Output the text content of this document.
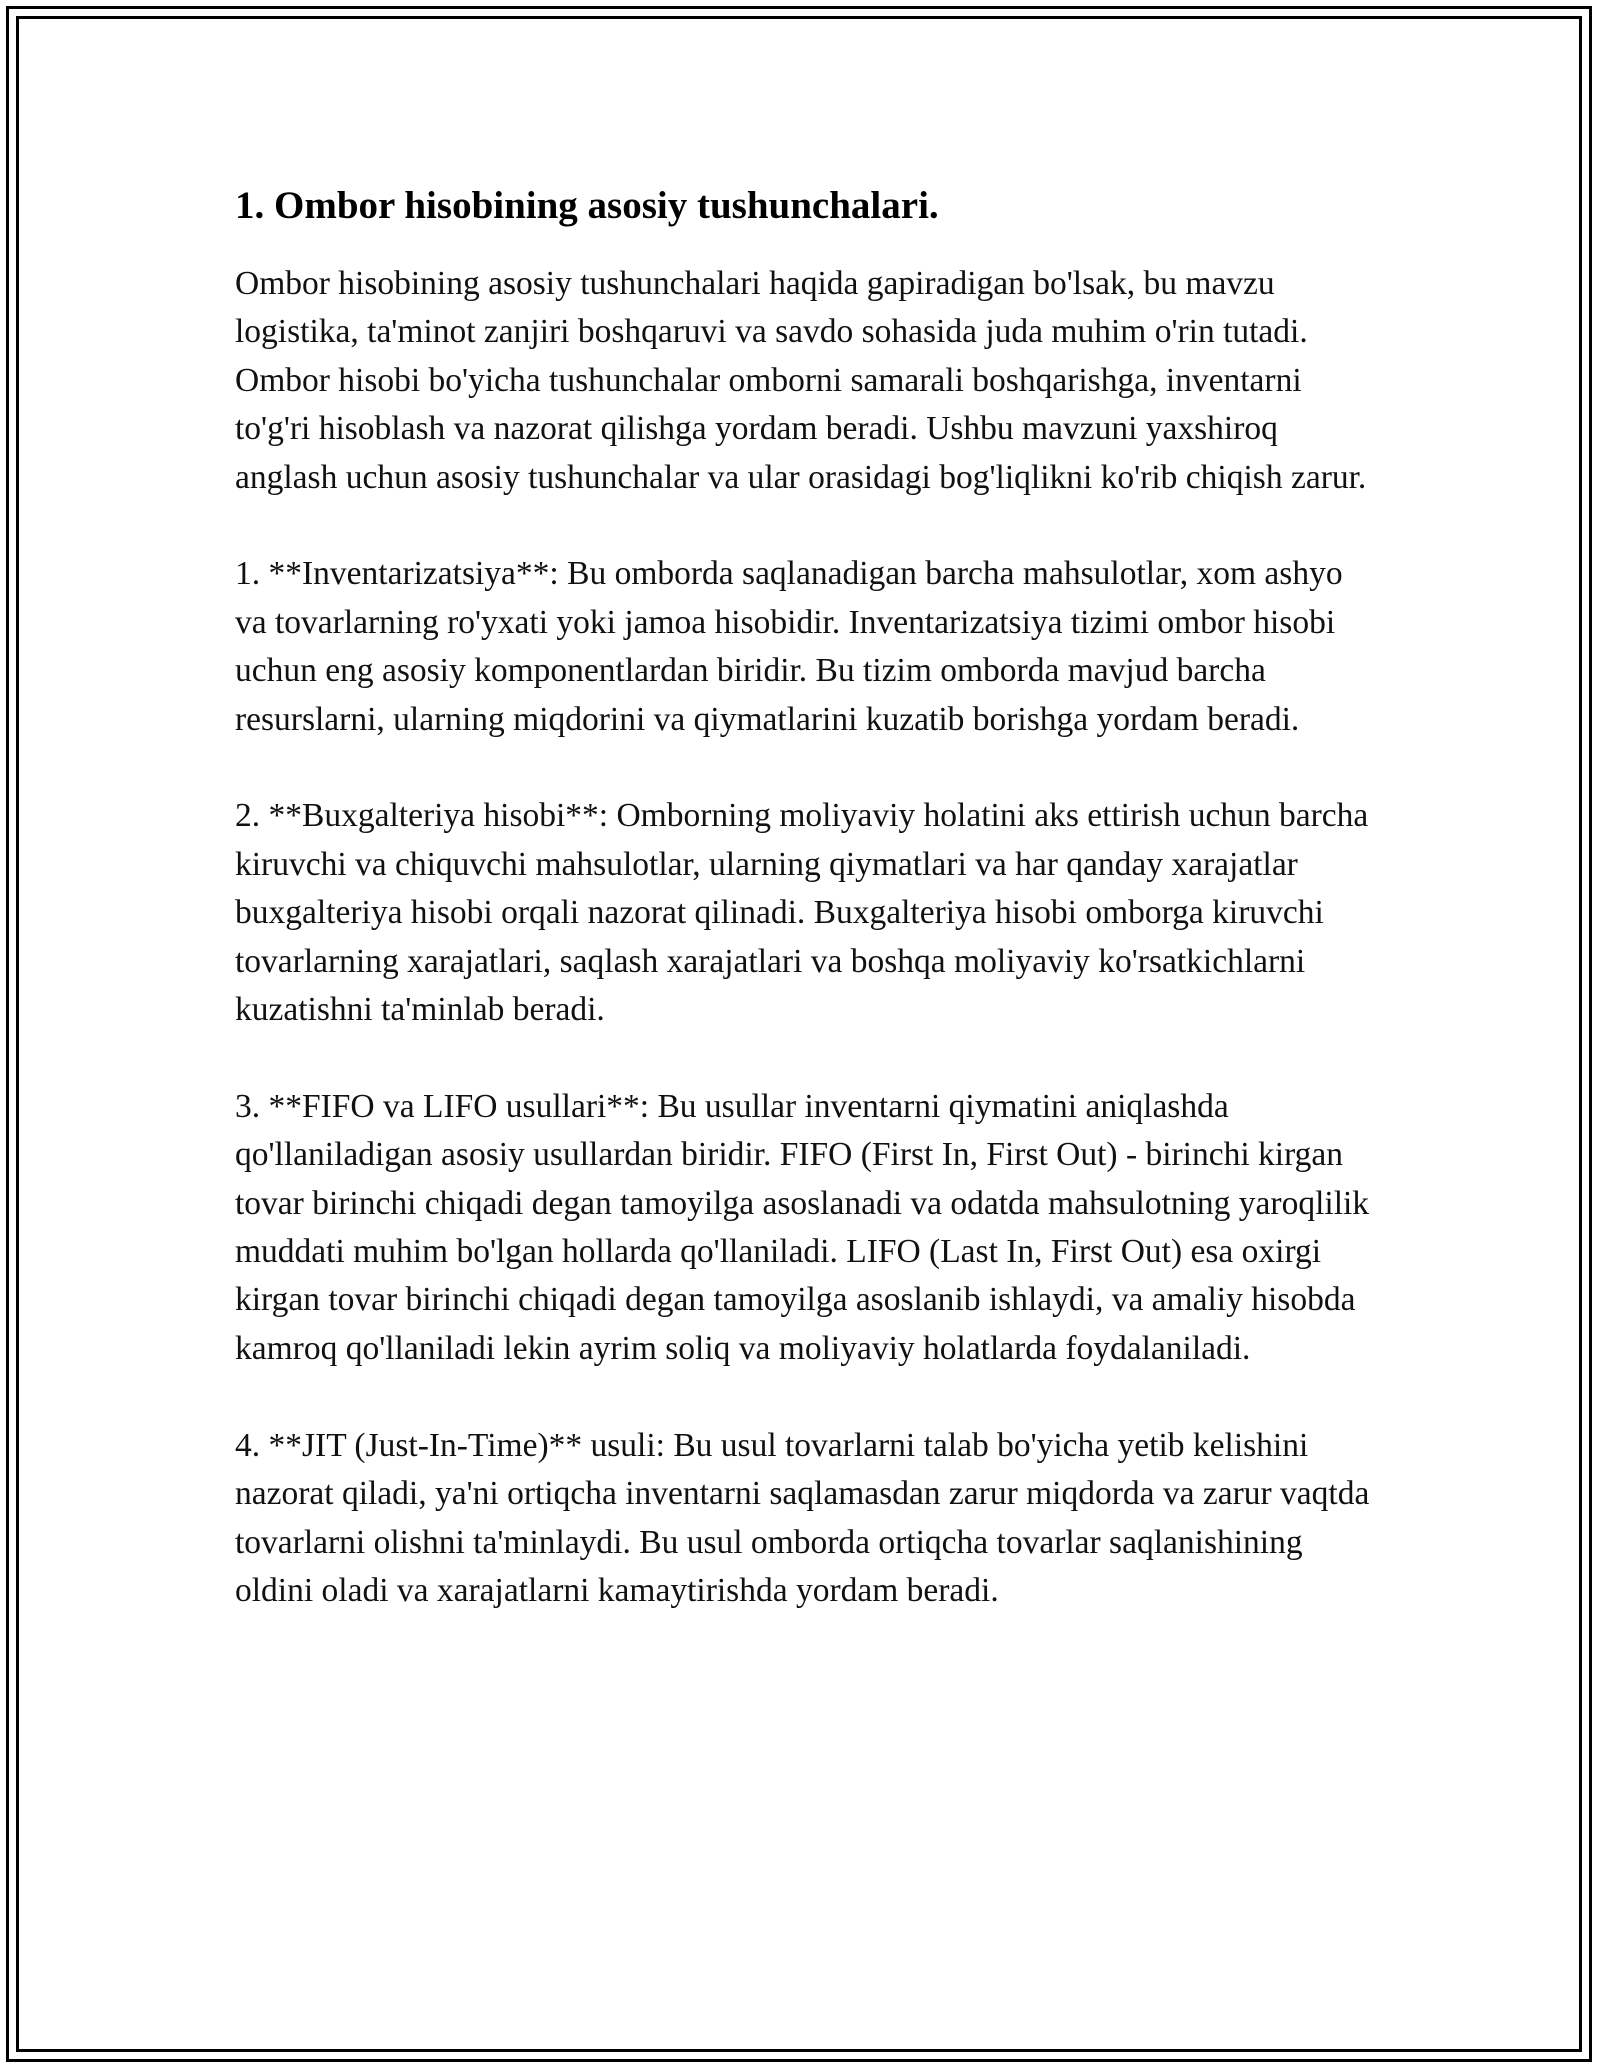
1. Ombor hisobining asosiy tushunchalari.

Ombor hisobining asosiy tushunchalari haqida gapiradigan bo'lsak, bu mavzu logistika, ta'minot zanjiri boshqaruvi va savdo sohasida juda muhim o'rin tutadi. Ombor hisobi bo'yicha tushunchalar omborni samarali boshqarishga, inventarni to'g'ri hisoblash va nazorat qilishga yordam beradi. Ushbu mavzuni yaxshiroq anglash uchun asosiy tushunchalar va ular orasidagi bog'liqlikni ko'rib chiqish zarur.

1. **Inventarizatsiya**: Bu omborda saqlanadigan barcha mahsulotlar, xom ashyo va tovarlarning ro'yxati yoki jamoa hisobidir. Inventarizatsiya tizimi ombor hisobi uchun eng asosiy komponentlardan biridir. Bu tizim omborda mavjud barcha resurslarni, ularning miqdorini va qiymatlarini kuzatib borishga yordam beradi.

2. **Buxgalteriya hisobi**: Omborning moliyaviy holatini aks ettirish uchun barcha kiruvchi va chiquvchi mahsulotlar, ularning qiymatlari va har qanday xarajatlar buxgalteriya hisobi orqali nazorat qilinadi. Buxgalteriya hisobi omborga kiruvchi tovarlarning xarajatlari, saqlash xarajatlari va boshqa moliyaviy ko'rsatkichlarni kuzatishni ta'minlab beradi.

3. **FIFO va LIFO usullari**: Bu usullar inventarni qiymatini aniqlashda qo'llaniladigan asosiy usullardan biridir. FIFO (First In, First Out) - birinchi kirgan tovar birinchi chiqadi degan tamoyilga asoslanadi va odatda mahsulotning yaroqlilik muddati muhim bo'lgan hollarda qo'llaniladi. LIFO (Last In, First Out) esa oxirgi kirgan tovar birinchi chiqadi degan tamoyilga asoslanib ishlaydi, va amaliy hisobda kamroq qo'llaniladi lekin ayrim soliq va moliyaviy holatlarda foydalaniladi.

4. **JIT (Just-In-Time)** usuli: Bu usul tovarlarni talab bo'yicha yetib kelishini nazorat qiladi, ya'ni ortiqcha inventarni saqlamasdan zarur miqdorda va zarur vaqtda tovarlarni olishni ta'minlaydi. Bu usul omborda ortiqcha tovarlar saqlanishining oldini oladi va xarajatlarni kamaytirishda yordam beradi.
